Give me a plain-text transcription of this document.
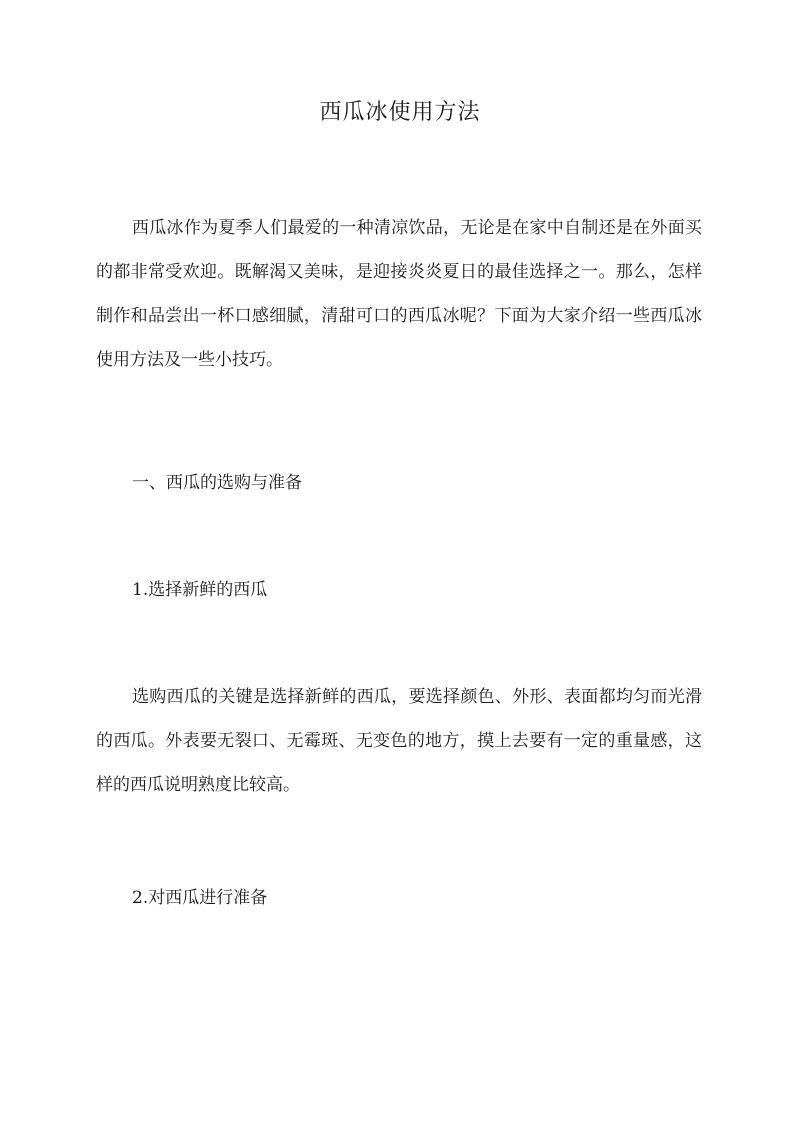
西瓜冰使用方法

西瓜冰作为夏季人们最爱的一种清凉饮品，无论是在家中自制还是在外面买的都非常受欢迎。既解渴又美味，是迎接炎炎夏日的最佳选择之一。那么，怎样制作和品尝出一杯口感细腻，清甜可口的西瓜冰呢？下面为大家介绍一些西瓜冰使用方法及一些小技巧。

一、西瓜的选购与准备

1.选择新鲜的西瓜

选购西瓜的关键是选择新鲜的西瓜，要选择颜色、外形、表面都均匀而光滑的西瓜。外表要无裂口、无霉斑、无变色的地方，摸上去要有一定的重量感，这样的西瓜说明熟度比较高。

2.对西瓜进行准备
